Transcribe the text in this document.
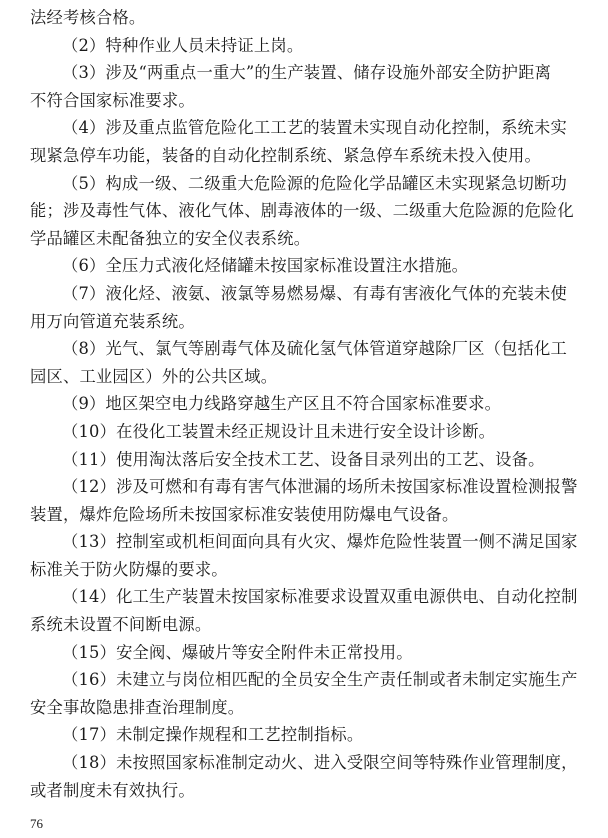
法经考核合格。
（2）特种作业人员未持证上岗。
（3）涉及“两重点一重大”的生产装置、储存设施外部安全防护距离
不符合国家标准要求。
（4）涉及重点监管危险化工工艺的装置未实现自动化控制，系统未实
现紧急停车功能，装备的自动化控制系统、紧急停车系统未投入使用。
（5）构成一级、二级重大危险源的危险化学品罐区未实现紧急切断功
能；涉及毒性气体、液化气体、剧毒液体的一级、二级重大危险源的危险化
学品罐区未配备独立的安全仪表系统。
（6）全压力式液化烃储罐未按国家标准设置注水措施。
（7）液化烃、液氨、液氯等易燃易爆、有毒有害液化气体的充装未使
用万向管道充装系统。
（8）光气、氯气等剧毒气体及硫化氢气体管道穿越除厂区（包括化工
园区、工业园区）外的公共区域。
（9）地区架空电力线路穿越生产区且不符合国家标准要求。
（10）在役化工装置未经正规设计且未进行安全设计诊断。
（11）使用淘汰落后安全技术工艺、设备目录列出的工艺、设备。
（12）涉及可燃和有毒有害气体泄漏的场所未按国家标准设置检测报警
装置，爆炸危险场所未按国家标准安装使用防爆电气设备。
（13）控制室或机柜间面向具有火灾、爆炸危险性装置一侧不满足国家
标准关于防火防爆的要求。
（14）化工生产装置未按国家标准要求设置双重电源供电、自动化控制
系统未设置不间断电源。
（15）安全阀、爆破片等安全附件未正常投用。
（16）未建立与岗位相匹配的全员安全生产责任制或者未制定实施生产
安全事故隐患排查治理制度。
（17）未制定操作规程和工艺控制指标。
（18）未按照国家标准制定动火、进入受限空间等特殊作业管理制度，
或者制度未有效执行。
76
